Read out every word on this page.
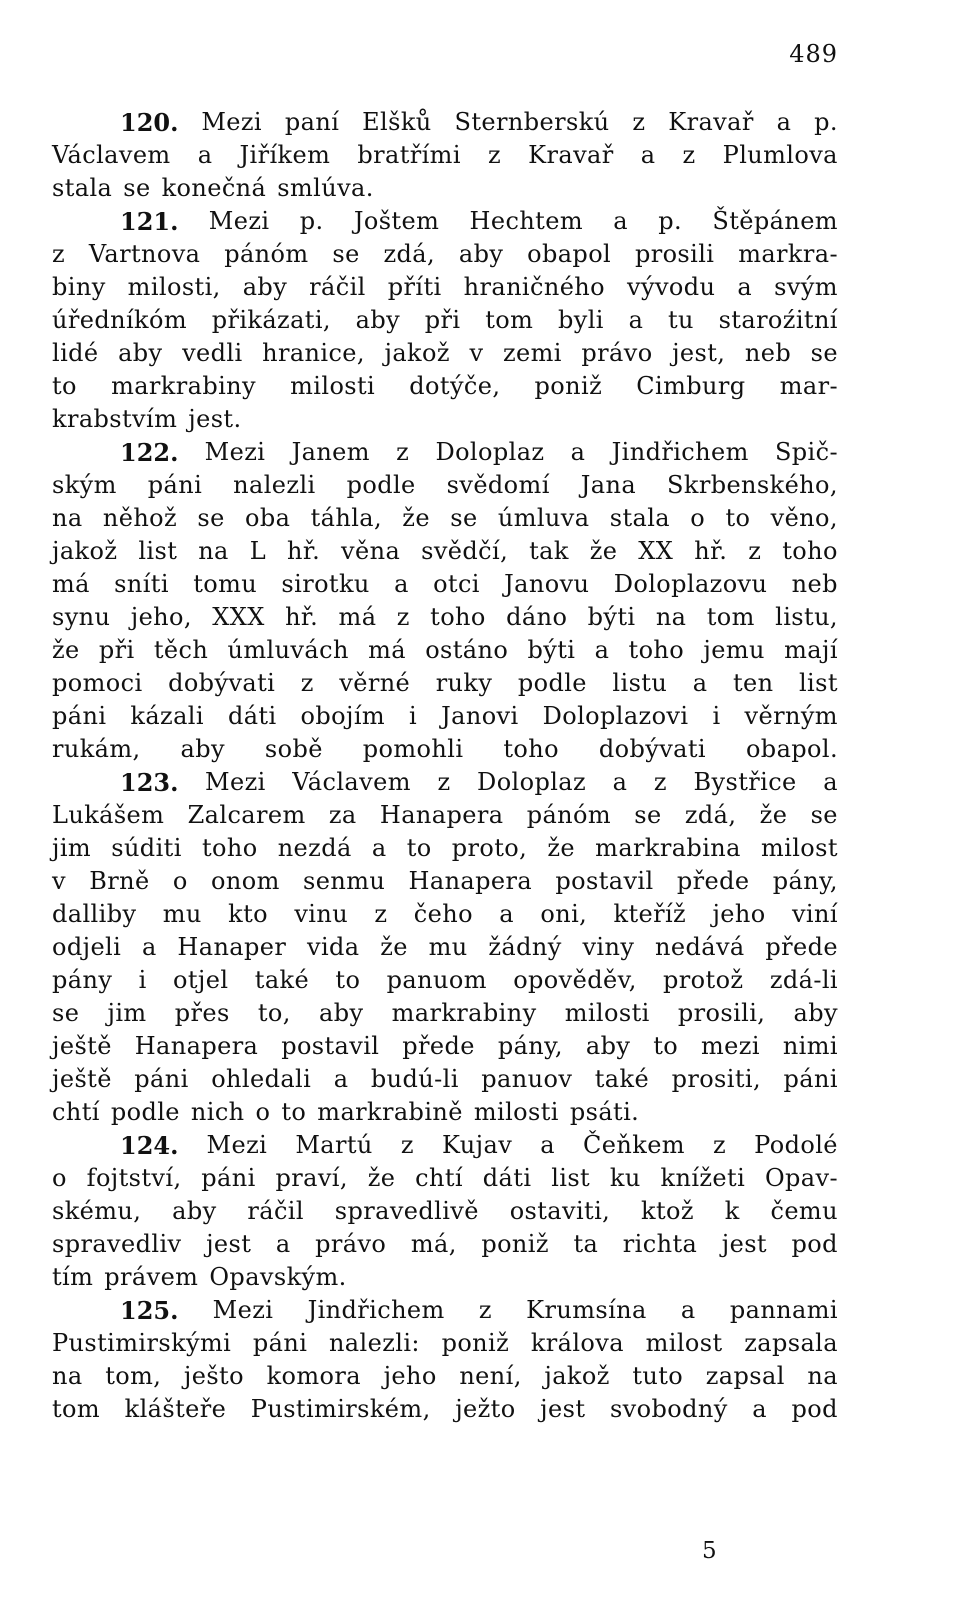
489
120. Mezi paní Elšků Sternberskú z Kravař a p.
Václavem a Jiříkem bratřími z Kravař a z Plumlova
stala se konečná smlúva.
121. Mezi p. Joštem Hechtem a p. Štěpánem
z Vartnova pánóm se zdá, aby obapol prosili markra-
biny milosti, aby ráčil příti hraničného vývodu a svým
úředníkóm přikázati, aby při tom byli a tu staroźitní
lidé aby vedli hranice, jakož v zemi právo jest, neb se
to markrabiny milosti dotýče, poniž Cimburg mar-
krabstvím jest.
122. Mezi Janem z Doloplaz a Jindřichem Spič-
ským páni nalezli podle svědomí Jana Skrbenského,
na něhož se oba táhla, že se úmluva stala o to věno,
jakož list na L hř. věna svědčí, tak že XX hř. z toho
má sníti tomu sirotku a otci Janovu Doloplazovu neb
synu jeho, XXX hř. má z toho dáno býti na tom listu,
že při těch úmluvách má ostáno býti a toho jemu mají
pomoci dobývati z věrné ruky podle listu a ten list
páni kázali dáti obojím i Janovi Doloplazovi i věrným
rukám, aby sobě pomohli toho dobývati obapol.
123. Mezi Václavem z Doloplaz a z Bystřice a
Lukášem Zalcarem za Hanapera pánóm se zdá, že se
jim súditi toho nezdá a to proto, že markrabina milost
v Brně o onom senmu Hanapera postavil přede pány,
dalliby mu kto vinu z čeho a oni, kteříž jeho viní
odjeli a Hanaper vida že mu žádný viny nedává přede
pány i otjel také to panuom opověděv, protož zdá-li
se jim přes to, aby markrabiny milosti prosili, aby
ještě Hanapera postavil přede pány, aby to mezi nimi
ještě páni ohledali a budú-li panuov také prositi, páni
chtí podle nich o to markrabině milosti psáti.
124. Mezi Martú z Kujav a Čeňkem z Podolé
o fojtství, páni praví, že chtí dáti list ku knížeti Opav-
skému, aby ráčil spravedlivě ostaviti, ktož k čemu
spravedliv jest a právo má, poniž ta richta jest pod
tím právem Opavským.
125. Mezi Jindřichem z Krumsína a pannami
Pustimirskými páni nalezli: poniž králova milost zapsala
na tom, ješto komora jeho není, jakož tuto zapsal na
tom klášteře Pustimirském, ježto jest svobodný a pod
5
